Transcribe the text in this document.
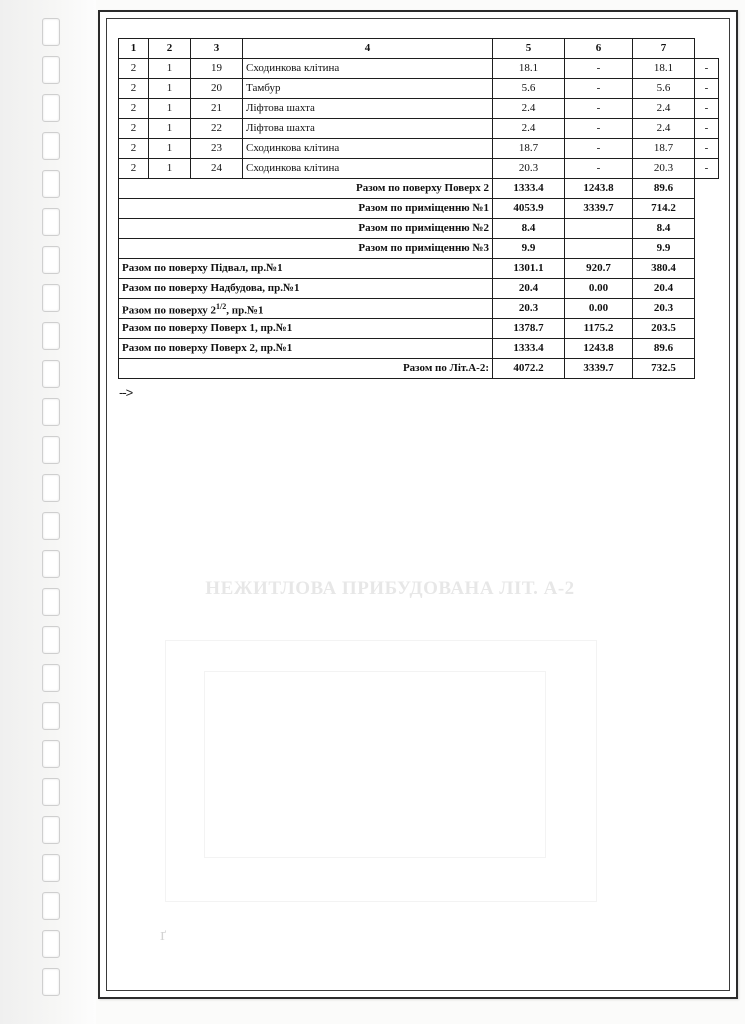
ґ
1	2	3	4	5	6	7	
2	1	19	Сходинкова клітина	18.1	-	18.1	-
2	1	20	Тамбур	5.6	-	5.6	-
2	1	21	Ліфтова шахта	2.4	-	2.4	-
2	1	22	Ліфтова шахта	2.4	-	2.4	-
2	1	23	Сходинкова клітина	18.7	-	18.7	-
2	1	24	Сходинкова клітина	20.3	-	20.3	-
Разом по поверху Поверх 2				1333.4	1243.8	89.6	
Разом по приміщенню №1				4053.9	3339.7	714.2	
Разом по приміщенню №2				8.4		8.4	
Разом по приміщенню №3				9.9		9.9	
Разом по поверху Підвал, пр.№1				1301.1	920.7	380.4	
Разом по поверху Надбудова, пр.№1				20.4	0.00	20.4	
Разом по поверху $2^{1/2}$, пр.№1				20.3	0.00	20.3	
Разом по поверху Поверх 1, пр.№1				1378.7	1175.2	203.5	
Разом по поверху Поверх 2, пр.№1				1333.4	1243.8	89.6	
Разом по Літ.А-2:				4072.2	3339.7	732.5	
-->
